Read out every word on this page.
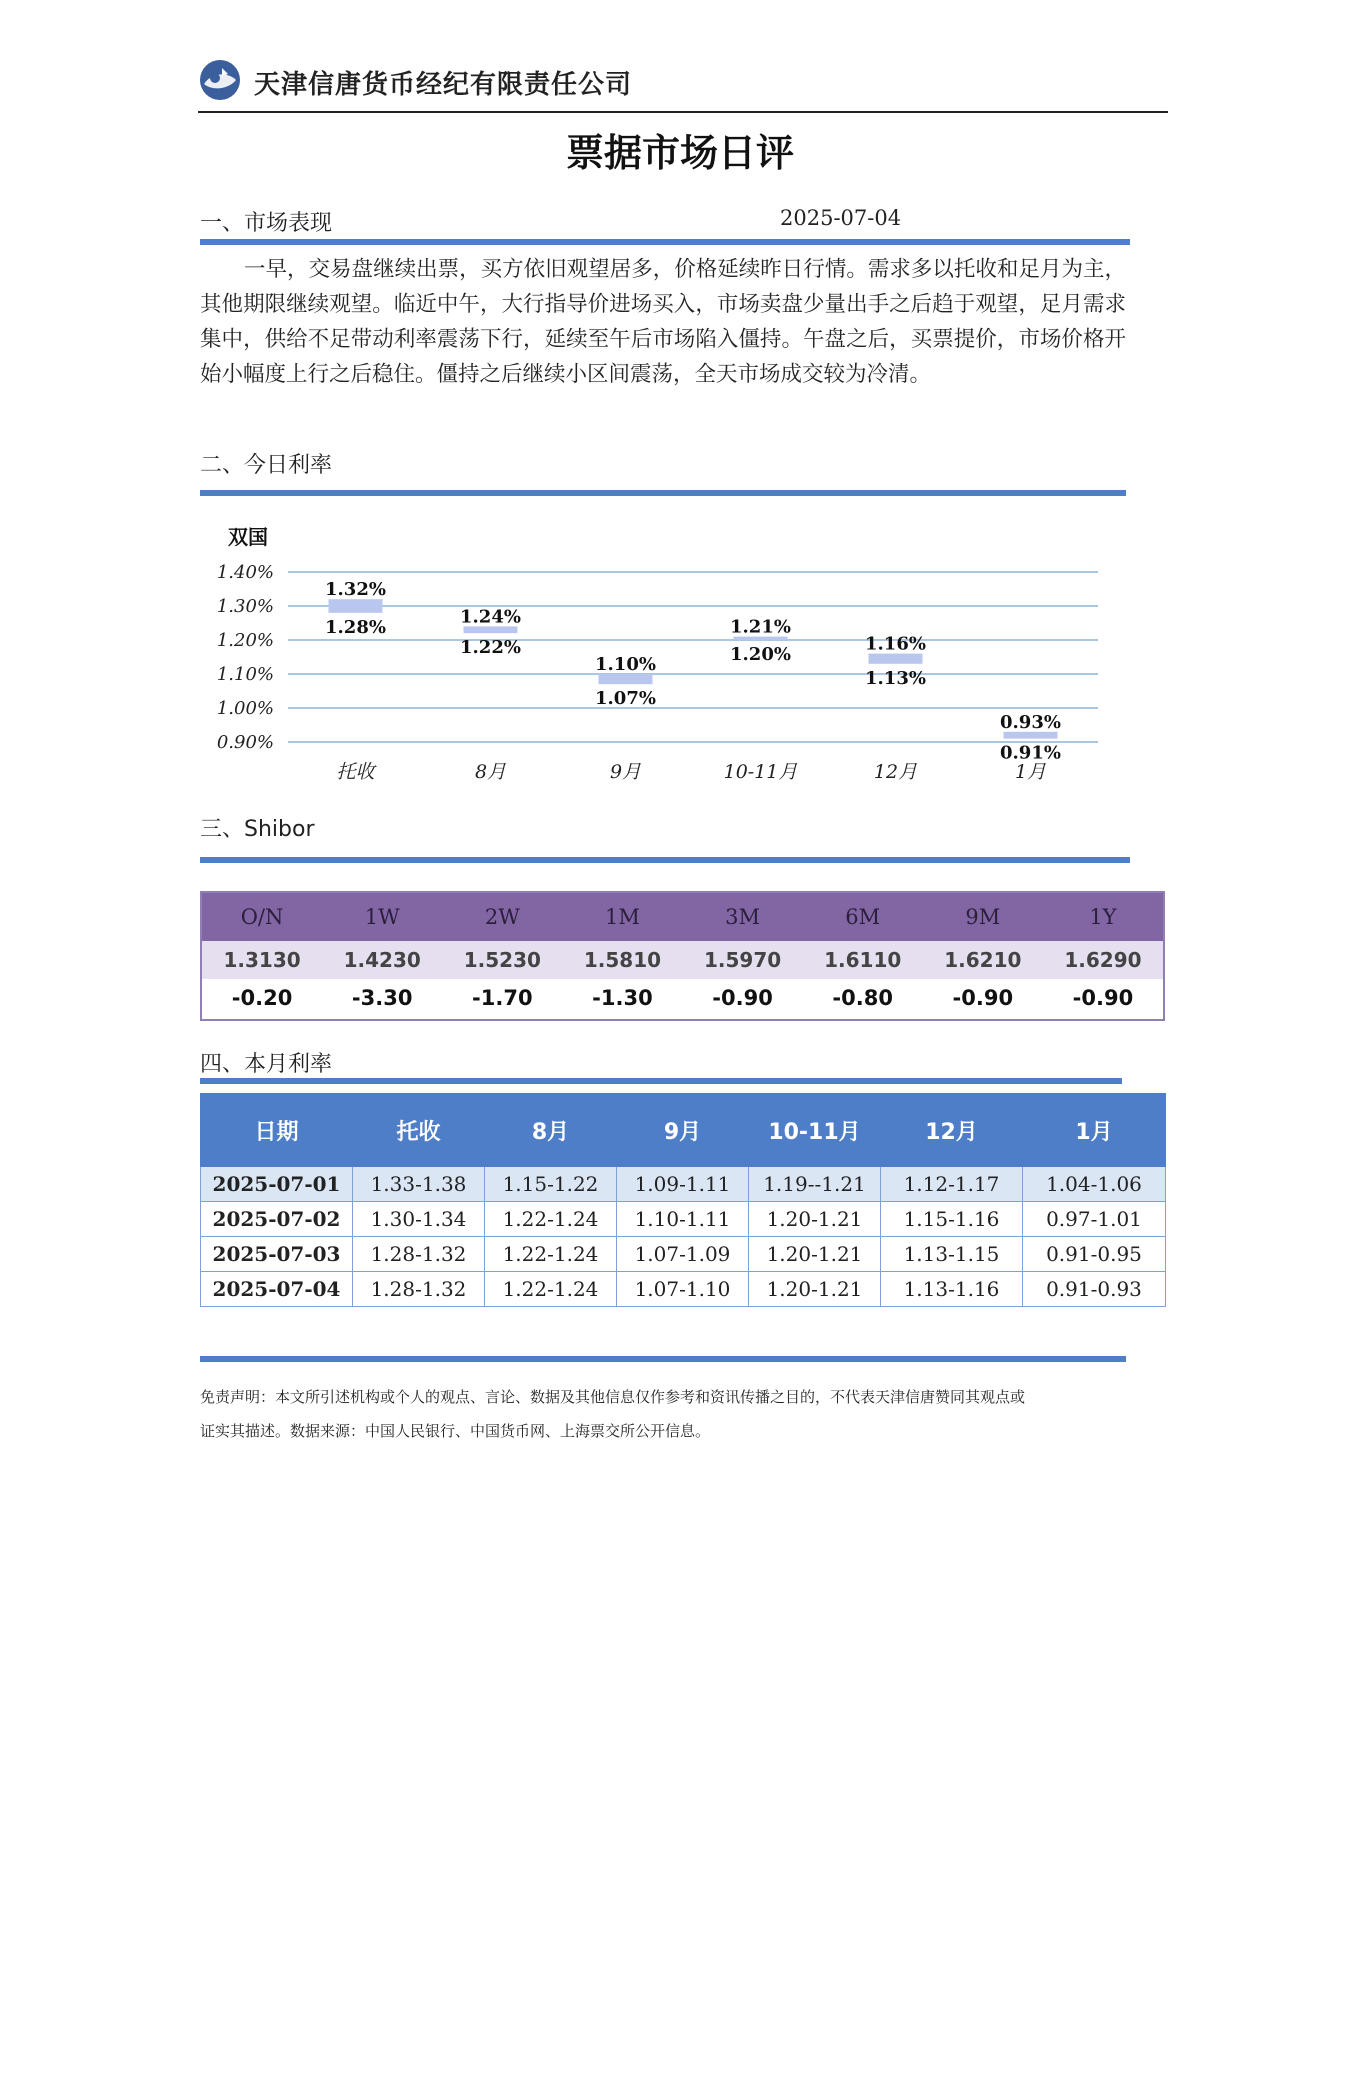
天津信唐货币经纪有限责任公司
票据市场日评
一、市场表现	2025-07-04
一早，交易盘继续出票，买方依旧观望居多，价格延续昨日行情。需求多以托收和足月为主，其他期限继续观望。临近中午，大行指导价进场买入，市场卖盘少量出手之后趋于观望，足月需求集中，供给不足带动利率震荡下行，延续至午后市场陷入僵持。午盘之后，买票提价，市场价格开始小幅度上行之后稳住。僵持之后继续小区间震荡，全天市场成交较为冷清。
二、今日利率
双国
1.40%
1.30%
1.20%
1.10%
1.00%
0.90%
1.32%
1.28%	1.24%
1.22%
1.10%
1.07%
1.21%
1.20%	1.16%
1.13%
0.93%
0.91%
托收	8月	9月	10-11月	12月	1月
三、Shibor
O/N	1W	2W	1M	3M	6M	9M	1Y
1.3130	1.4230	1.5230	1.5810	1.5970	1.6110	1.6210	1.6290
-0.20	-3.30	-1.70	-1.30	-0.90	-0.80	-0.90	-0.90
四、本月利率
日期	托收	8月	9月	10-11月	12月	1月
2025-07-01	1.33-1.38	1.15-1.22	1.09-1.11	1.19--1.21	1.12-1.17	1.04-1.06
2025-07-02	1.30-1.34	1.22-1.24	1.10-1.11	1.20-1.21	1.15-1.16	0.97-1.01
2025-07-03	1.28-1.32	1.22-1.24	1.07-1.09	1.20-1.21	1.13-1.15	0.91-0.95
2025-07-04	1.28-1.32	1.22-1.24	1.07-1.10	1.20-1.21	1.13-1.16	0.91-0.93
免责声明：本文所引述机构或个人的观点、言论、数据及其他信息仅作参考和资讯传播之目的，不代表天津信唐赞同其观点或
证实其描述。数据来源：中国人民银行、中国货币网、上海票交所公开信息。
